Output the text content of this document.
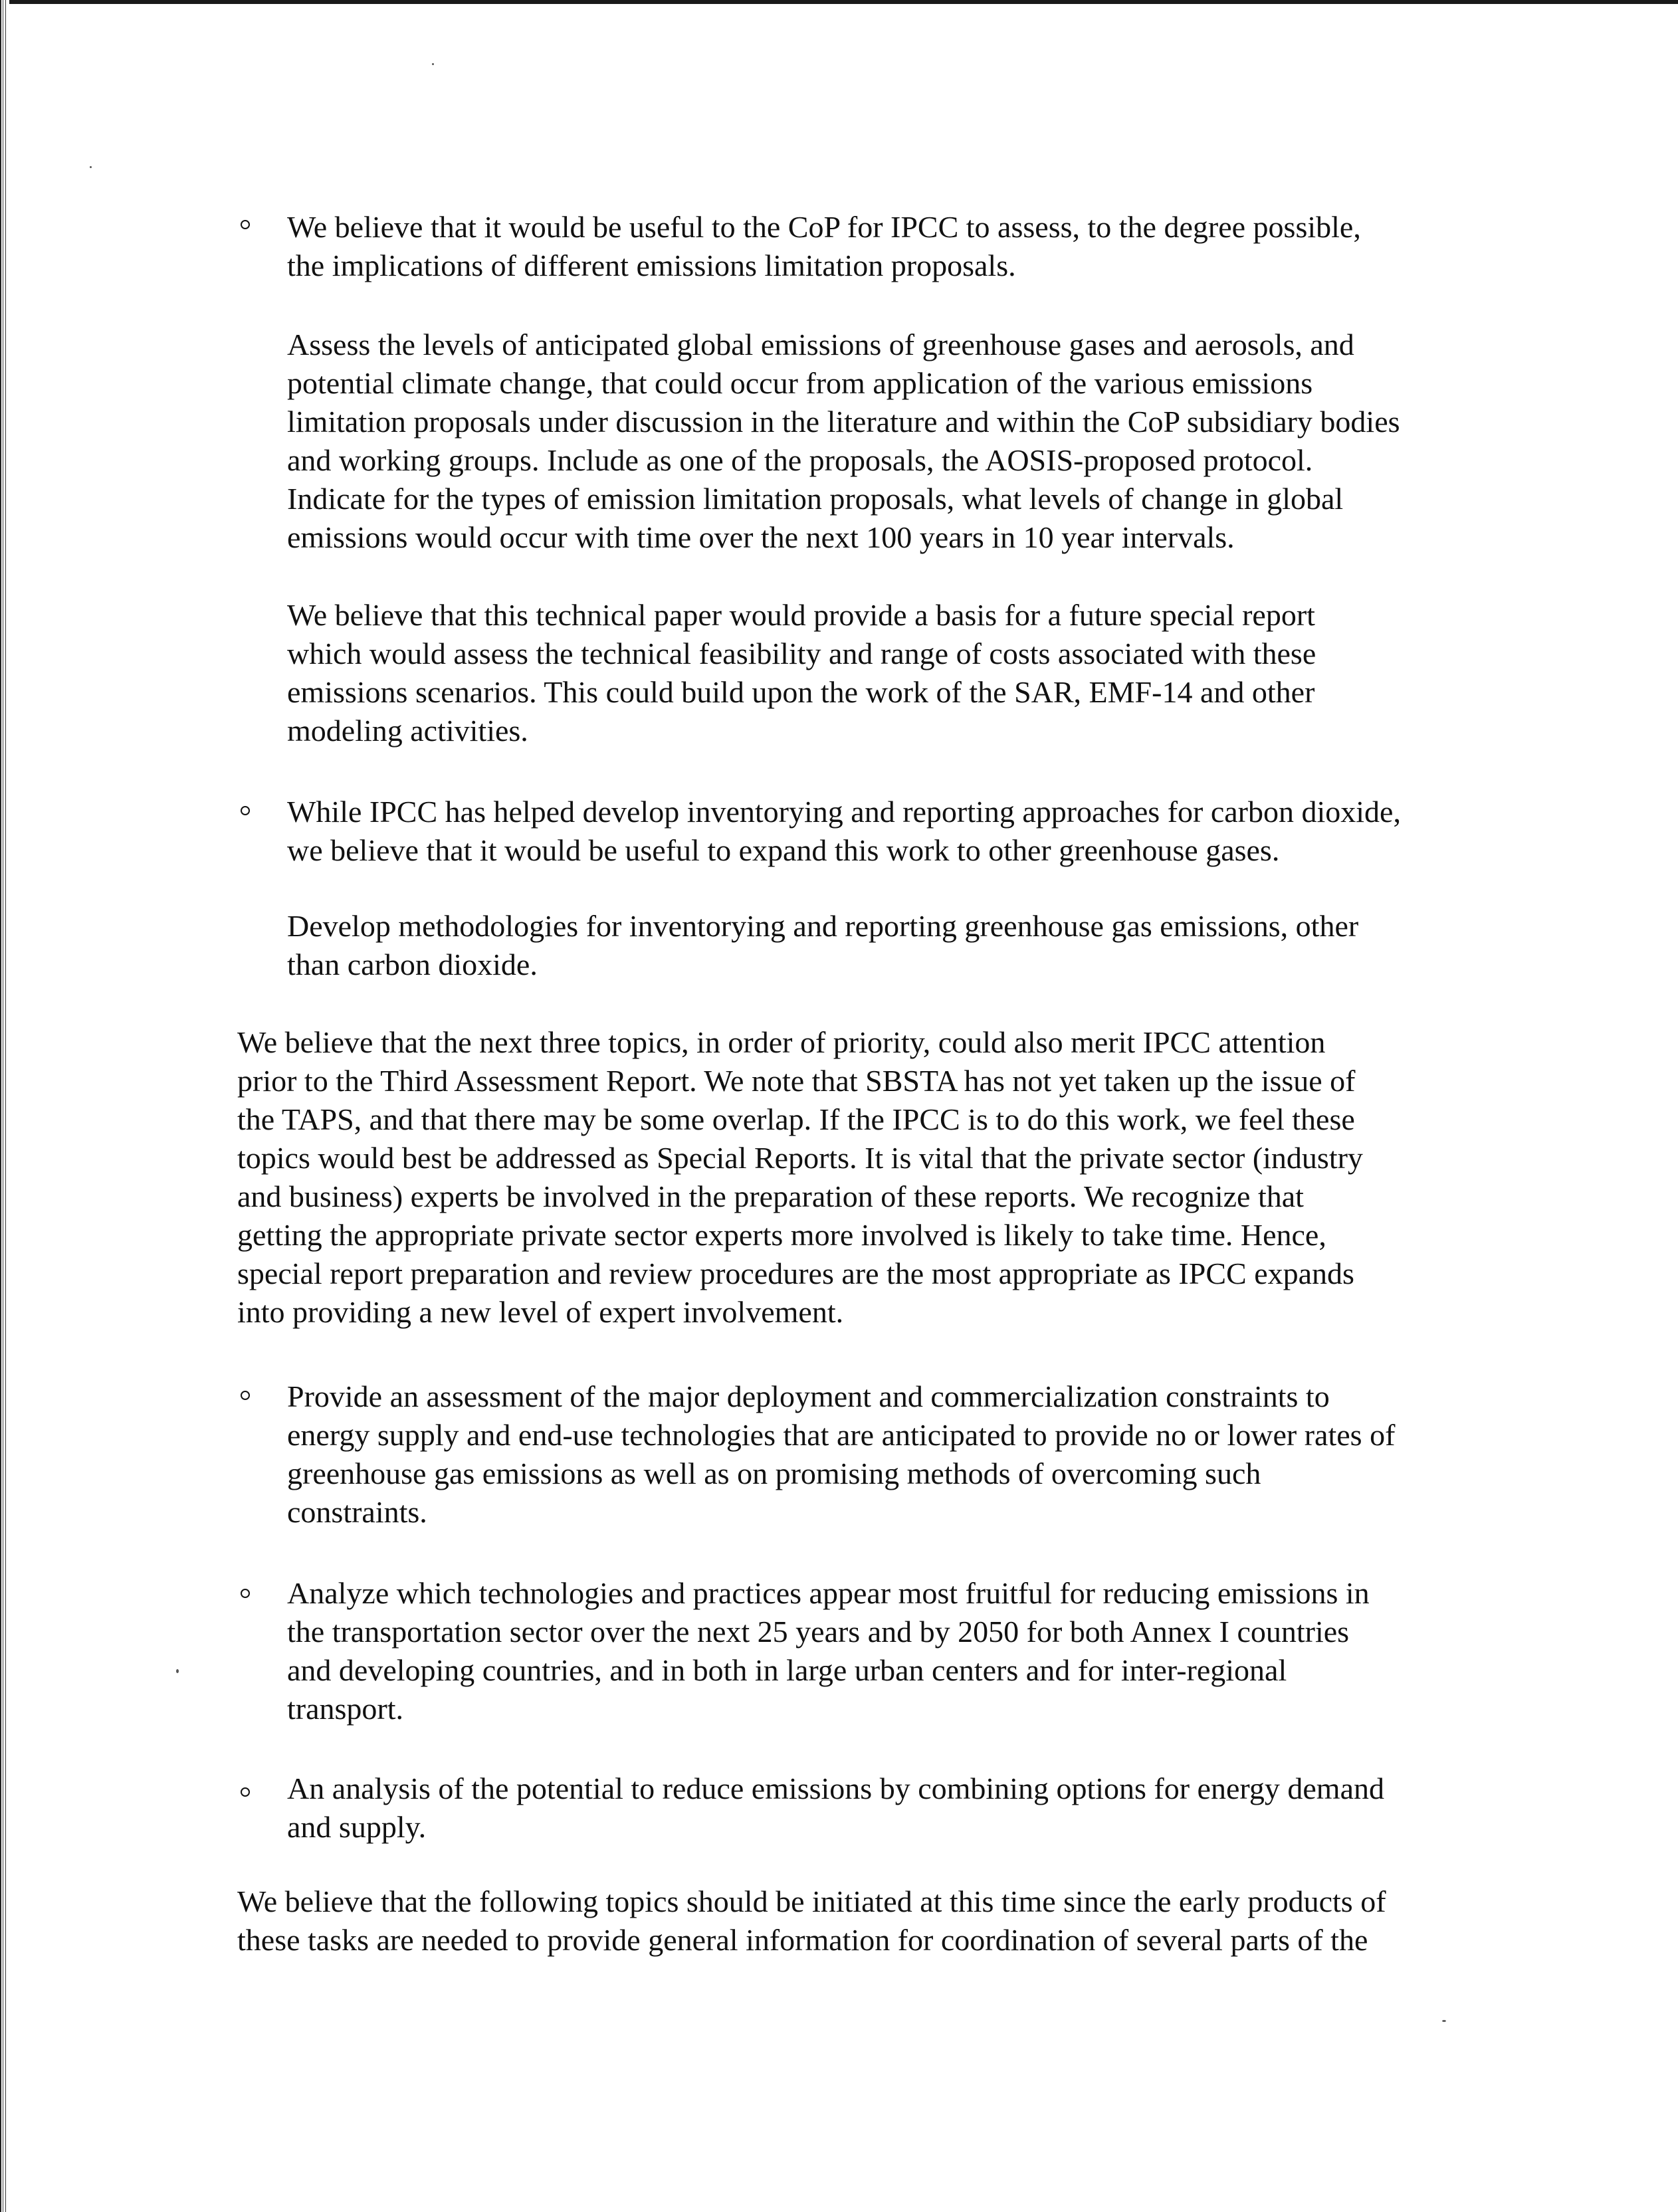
We believe that it would be useful to the CoP for IPCC to assess, to the degree possible,
the implications of different emissions limitation proposals.
Assess the levels of anticipated global emissions of greenhouse gases and aerosols, and
potential climate change, that could occur from application of the various emissions
limitation proposals under discussion in the literature and within the CoP subsidiary bodies
and working groups. Include as one of the proposals, the AOSIS-proposed protocol.
Indicate for the types of emission limitation proposals, what levels of change in global
emissions would occur with time over the next 100 years in 10 year intervals.
We believe that this technical paper would provide a basis for a future special report
which would assess the technical feasibility and range of costs associated with these
emissions scenarios. This could build upon the work of the SAR, EMF-14 and other
modeling activities.
While IPCC has helped develop inventorying and reporting approaches for carbon dioxide,
we believe that it would be useful to expand this work to other greenhouse gases.
Develop methodologies for inventorying and reporting greenhouse gas emissions, other
than carbon dioxide.
We believe that the next three topics, in order of priority, could also merit IPCC attention
prior to the Third Assessment Report. We note that SBSTA has not yet taken up the issue of
the TAPS, and that there may be some overlap. If the IPCC is to do this work, we feel these
topics would best be addressed as Special Reports. It is vital that the private sector (industry
and business) experts be involved in the preparation of these reports. We recognize that
getting the appropriate private sector experts more involved is likely to take time. Hence,
special report preparation and review procedures are the most appropriate as IPCC expands
into providing a new level of expert involvement.
Provide an assessment of the major deployment and commercialization constraints to
energy supply and end-use technologies that are anticipated to provide no or lower rates of
greenhouse gas emissions as well as on promising methods of overcoming such
constraints.
Analyze which technologies and practices appear most fruitful for reducing emissions in
the transportation sector over the next 25 years and by 2050 for both Annex I countries
and developing countries, and in both in large urban centers and for inter-regional
transport.
An analysis of the potential to reduce emissions by combining options for energy demand
and supply.
We believe that the following topics should be initiated at this time since the early products of
these tasks are needed to provide general information for coordination of several parts of the
